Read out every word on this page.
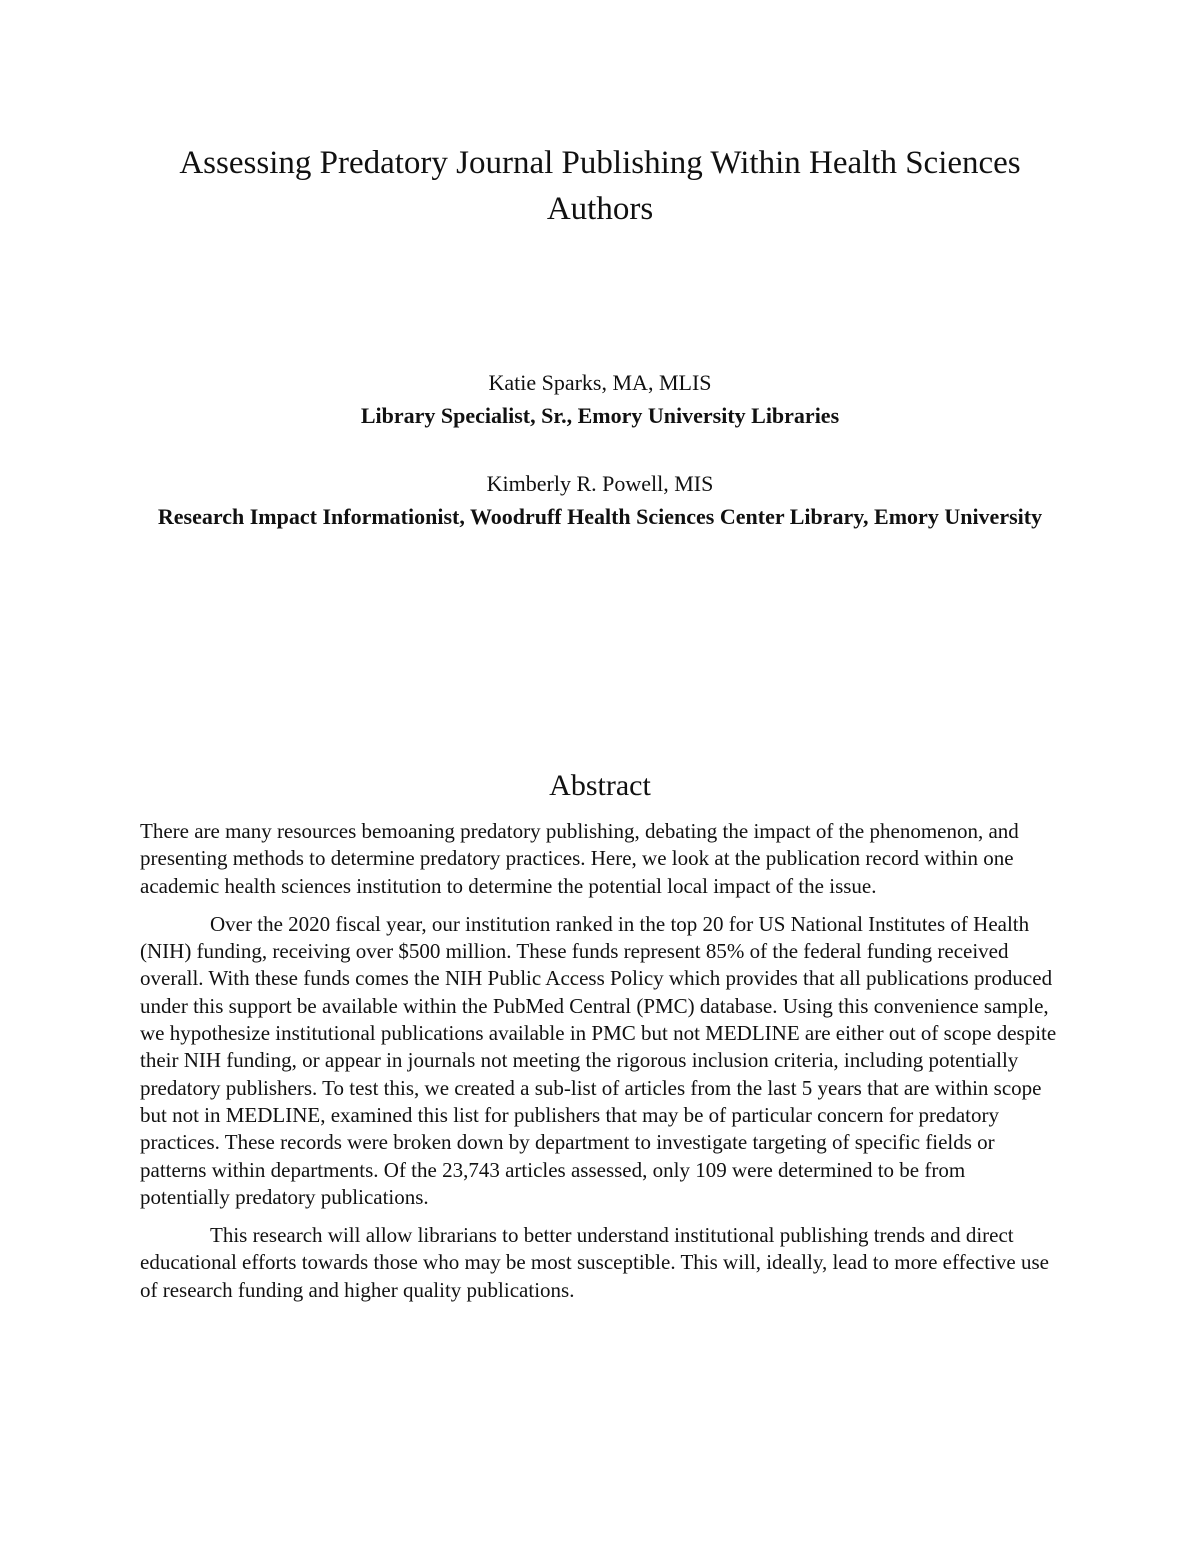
Assessing Predatory Journal Publishing Within Health Sciences Authors

Katie Sparks, MA, MLIS

Library Specialist, Sr., Emory University Libraries

Kimberly R. Powell, MIS

Research Impact Informationist, Woodruff Health Sciences Center Library, Emory University

Abstract

There are many resources bemoaning predatory publishing, debating the impact of the phenomenon, and presenting methods to determine predatory practices. Here, we look at the publication record within one academic health sciences institution to determine the potential local impact of the issue.

Over the 2020 fiscal year, our institution ranked in the top 20 for US National Institutes of Health (NIH) funding, receiving over $500 million. These funds represent 85% of the federal funding received overall. With these funds comes the NIH Public Access Policy which provides that all publications produced under this support be available within the PubMed Central (PMC) database. Using this convenience sample, we hypothesize institutional publications available in PMC but not MEDLINE are either out of scope despite their NIH funding, or appear in journals not meeting the rigorous inclusion criteria, including potentially predatory publishers. To test this, we created a sub-list of articles from the last 5 years that are within scope but not in MEDLINE, examined this list for publishers that may be of particular concern for predatory practices. These records were broken down by department to investigate targeting of specific fields or patterns within departments. Of the 23,743 articles assessed, only 109 were determined to be from potentially predatory publications.

This research will allow librarians to better understand institutional publishing trends and direct educational efforts towards those who may be most susceptible. This will, ideally, lead to more effective use of research funding and higher quality publications.
